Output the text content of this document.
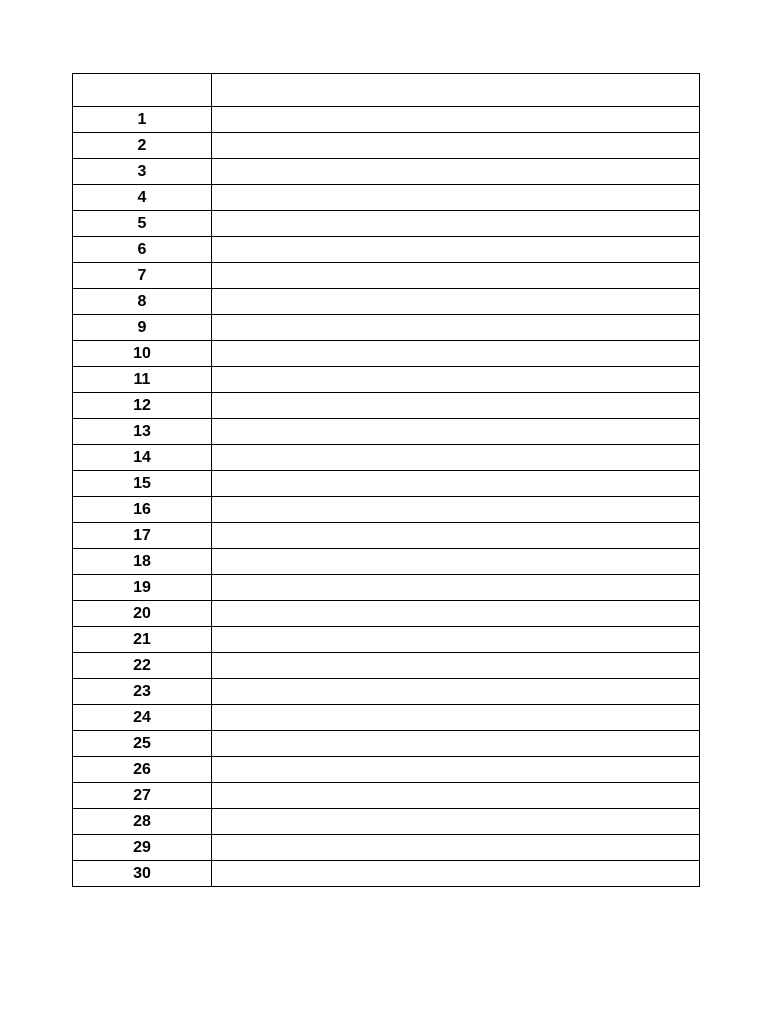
1	
2	
3	
4	
5	
6	
7	
8	
9	
10	
11	
12	
13	
14	
15	
16	
17	
18	
19	
20	
21	
22	
23	
24	
25	
26	
27	
28	
29	
30	
